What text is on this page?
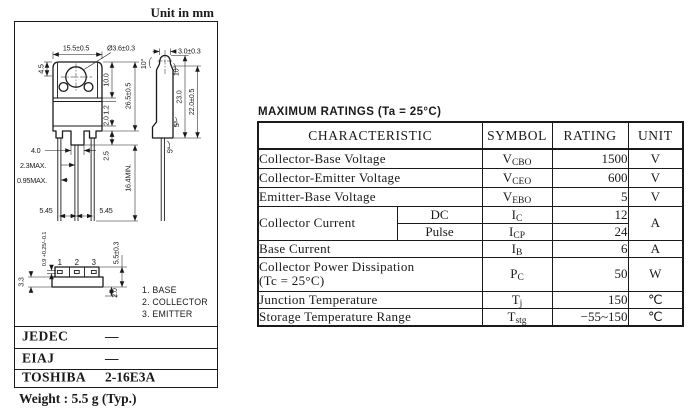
Unit in mm
15.5±0.5 Ø3.6±0.3
4.5
10.0
1.2
2.0
26.5±0.5
2.5
16.4MIN.
4.0
2.3MAX.
0.95MAX.
5.45	5.45
3.0±0.3
10°
10°
23.0 22.0±0.5
5°
5°
1 2 3
0.9 +0.25/−0.1
3.3
5.5±0.3
2.0	1. BASE
2. COLLECTOR
3. EMITTER
JEDEC	—
EIAJ	—
TOSHIBA 2-16E3A
Weight : 5.5 g (Typ.)
MAXIMUM RATINGS (Ta = 25°C)
CHARACTERISTIC		SYMBOL	RATING	UNIT
Collector-Base Voltage		VCBO	1500	V
Collector-Emitter Voltage		VCEO	600	V
Emitter-Base Voltage		VEBO	5	V
Collector Current	DC	IC	12	A
	Pulse	ICP	24	
Base Current		IB	6	A

Collector Power Dissipation
(Tc = 25°C)		PC	50	W
Junction Temperature		Tj	150	℃
Storage Temperature Range		Tstg	−55~150	℃
